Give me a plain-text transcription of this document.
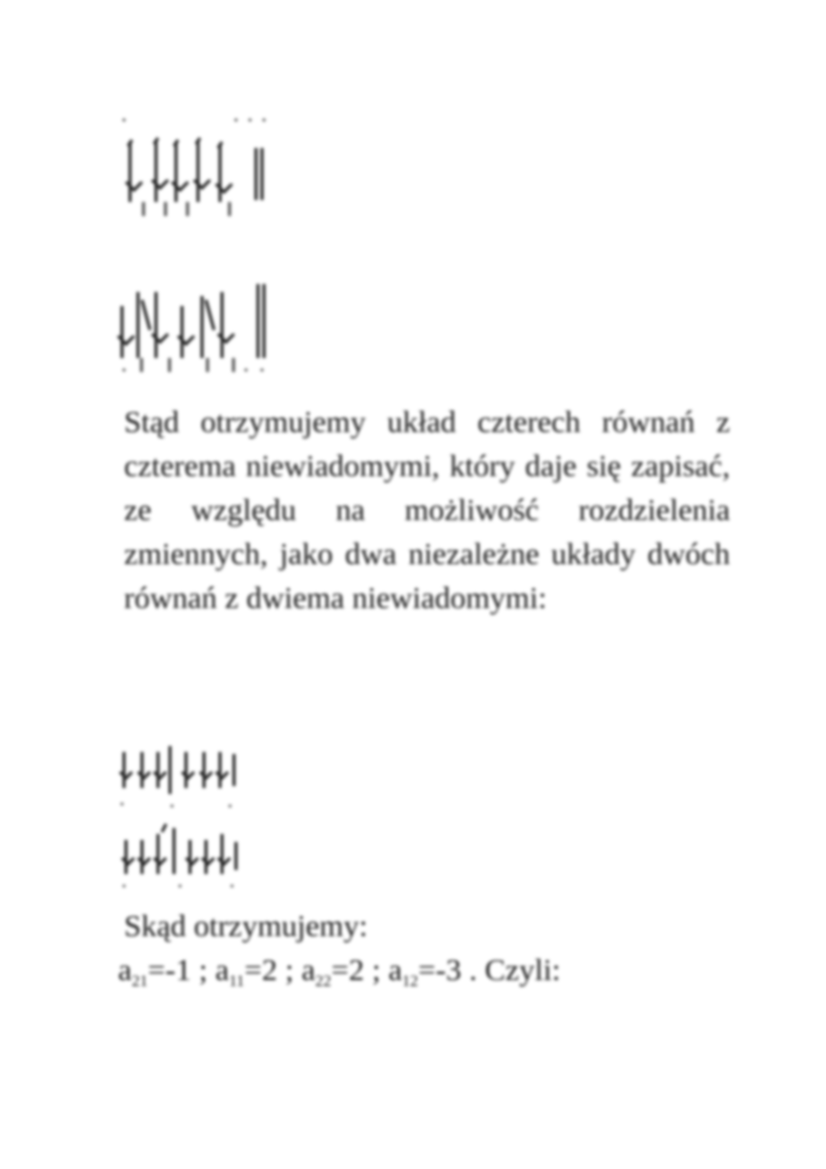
Stąd otrzymujemy układ czterech równań z czterema niewiadomymi, który daje się zapisać, ze względu na możliwość rozdzielenia zmiennych, jako dwa niezależne układy dwóch równań z dwiema niewiadomymi:

Skąd otrzymujemy:

$a_{21}=-1$ ; $a_{11}=2$ ; $a_{22}=2$ ; $a_{12}=-3$ . Czyli:
